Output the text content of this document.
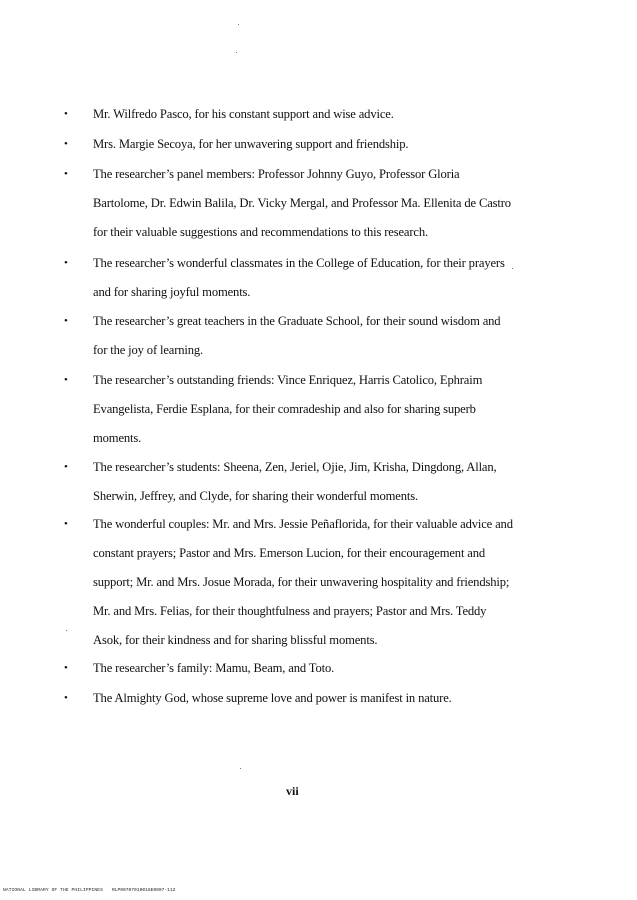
• Mr. Wilfredo Pasco, for his constant support and wise advice.

• Mrs. Margie Secoya, for her unwavering support and friendship.

• The researcher’s panel members: Professor Johnny Guyo, Professor Gloria Bartolome, Dr. Edwin Balila, Dr. Vicky Mergal, and Professor Ma. Ellenita de Castro for their valuable suggestions and recommendations to this research.

• The researcher’s wonderful classmates in the College of Education, for their prayers and for sharing joyful moments.

• The researcher’s great teachers in the Graduate School, for their sound wisdom and for the joy of learning.

• The researcher’s outstanding friends: Vince Enriquez, Harris Catolico, Ephraim Evangelista, Ferdie Esplana, for their comradeship and also for sharing superb moments.

• The researcher’s students: Sheena, Zen, Jeriel, Ojie, Jim, Krisha, Dingdong, Allan, Sherwin, Jeffrey, and Clyde, for sharing their wonderful moments.

• The wonderful couples: Mr. and Mrs. Jessie Peñaflorida, for their valuable advice and constant prayers; Pastor and Mrs. Emerson Lucion, for their encouragement and support; Mr. and Mrs. Josue Morada, for their unwavering hospitality and friendship; Mr. and Mrs. Felias, for their thoughtfulness and prayers; Pastor and Mrs. Teddy Asok, for their kindness and for sharing blissful moments.

• The researcher’s family: Mamu, Beam, and Toto.

• The Almighty God, whose supreme love and power is manifest in nature.

vii
NATIONAL LIBRARY OF THE PHILIPPINES RLP00707010016E0007-112
